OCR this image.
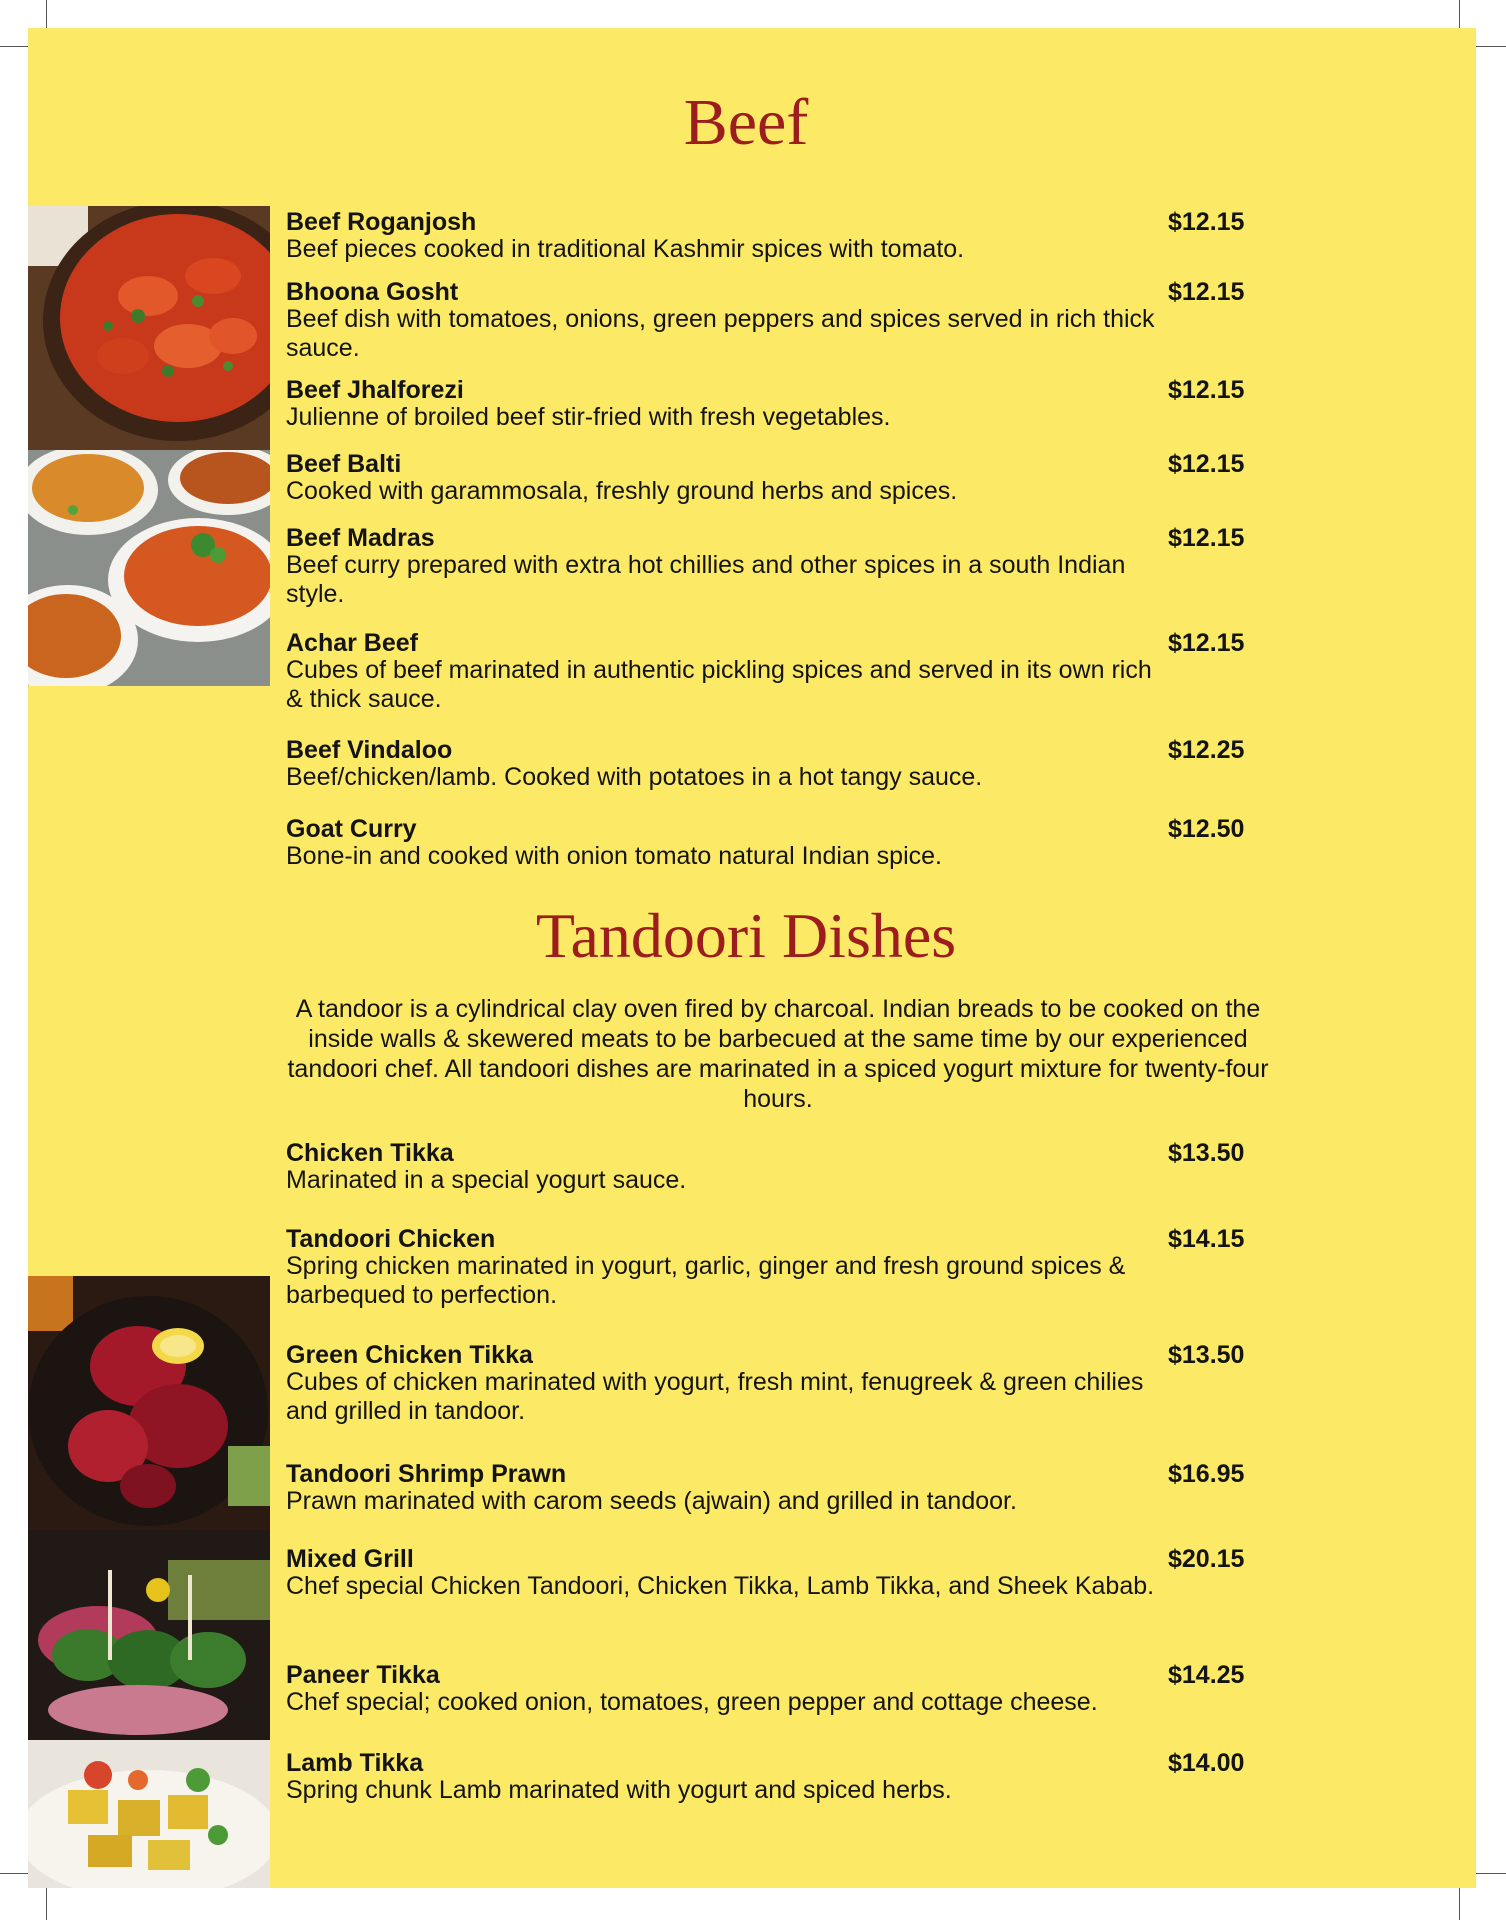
Beef
Beef Roganjosh	$12.15
Beef pieces cooked in traditional Kashmir spices with tomato.
Bhoona Gosht	$12.15
Beef dish with tomatoes, onions, green peppers and spices served in rich thick sauce.
Beef Jhalforezi	$12.15
Julienne of broiled beef stir-fried with fresh vegetables.
Beef Balti	$12.15
Cooked with garammosala, freshly ground herbs and spices.
Beef Madras	$12.15
Beef curry prepared with extra hot chillies and other spices in a south Indian style.
Achar Beef	$12.15
Cubes of beef marinated in authentic pickling spices and served in its own rich & thick sauce.
Beef Vindaloo	$12.25
Beef/chicken/lamb. Cooked with potatoes in a hot tangy sauce.
Goat Curry	$12.50
Bone-in and cooked with onion tomato natural Indian spice.
Tandoori Dishes

A tandoor is a cylindrical clay oven fired by charcoal. Indian breads to be cooked on the inside walls & skewered meats to be barbecued at the same time by our experienced tandoori chef. All tandoori dishes are marinated in a spiced yogurt mixture for twenty-four hours.

Chicken Tikka	$13.50
Marinated in a special yogurt sauce.
Tandoori Chicken	$14.15
Spring chicken marinated in yogurt, garlic, ginger and fresh ground spices & barbequed to perfection.
Green Chicken Tikka	$13.50
Cubes of chicken marinated with yogurt, fresh mint, fenugreek & green chilies and grilled in tandoor.
Tandoori Shrimp Prawn	$16.95
Prawn marinated with carom seeds (ajwain) and grilled in tandoor.
Mixed Grill	$20.15
Chef special Chicken Tandoori, Chicken Tikka, Lamb Tikka, and Sheek Kabab.
Paneer Tikka	$14.25
Chef special; cooked onion, tomatoes, green pepper and cottage cheese.
Lamb Tikka	$14.00
Spring chunk Lamb marinated with yogurt and spiced herbs.
